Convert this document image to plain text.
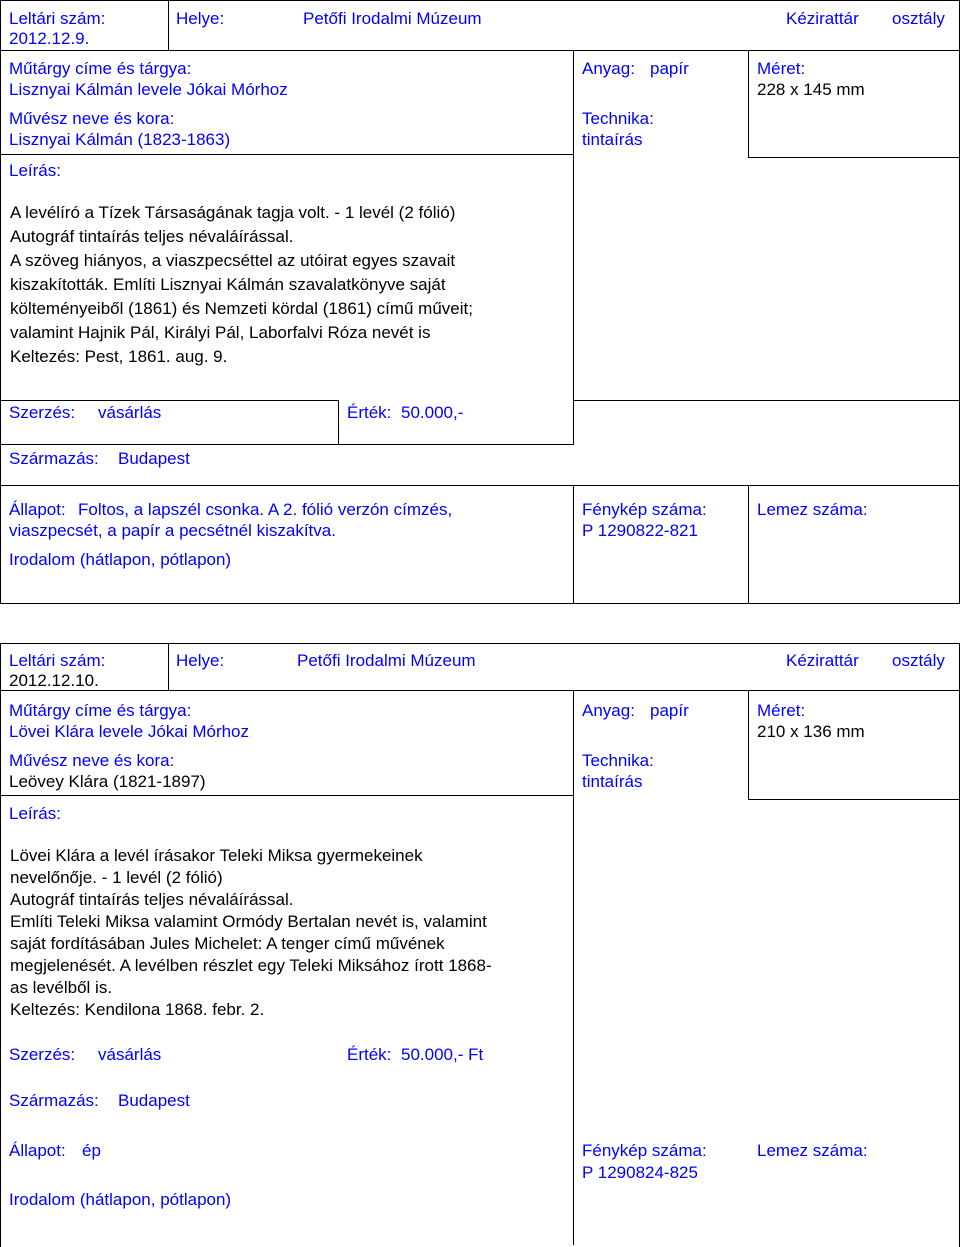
Leltári szám:
2012.12.9.
Helye:	Petőfi Irodalmi Múzeum	Kézirattár osztály
Műtárgy címe és tárgya:
Lisznyai Kálmán levele Jókai Mórhoz
Művész neve és kora:
Lisznyai Kálmán (1823-1863)
Anyag: papír
Technika:
tintaírás
Méret:
228 x 145 mm
Leírás:
A levélíró a Tízek Társaságának tagja volt. - 1 levél (2 fólió)
Autográf tintaírás teljes névaláírással.
A szöveg hiányos, a viaszpecséttel az utóirat egyes szavait
kiszakították. Említi Lisznyai Kálmán szavalatkönyve saját
költeményeiből (1861) és Nemzeti kördal (1861) című műveit;
valamint Hajnik Pál, Királyi Pál, Laborfalvi Róza nevét is
Keltezés: Pest, 1861. aug. 9.
Szerzés: vásárlás	Érték: 50.000,-
Származás: Budapest
Állapot: Foltos, a lapszél csonka. A 2. fólió verzón címzés,
viaszpecsét, a papír a pecsétnél kiszakítva.
Irodalom (hátlapon, pótlapon)
Fénykép száma:
P 1290822-821
Lemez száma:
Leltári szám:
2012.12.10.
Helye:	Petőfi Irodalmi Múzeum	Kézirattár osztály
Műtárgy címe és tárgya:
Lövei Klára levele Jókai Mórhoz
Művész neve és kora:
Leövey Klára (1821-1897)
Anyag: papír
Technika:
tintaírás
Méret:
210 x 136 mm
Leírás:
Lövei Klára a levél írásakor Teleki Miksa gyermekeinek
nevelőnője. - 1 levél (2 fólió)
Autográf tintaírás teljes névaláírással.
Említi Teleki Miksa valamint Ormódy Bertalan nevét is, valamint
saját fordításában Jules Michelet: A tenger című művének
megjelenését. A levélben részlet egy Teleki Miksához írott 1868-
as levélből is.
Keltezés: Kendilona 1868. febr. 2.
Szerzés: vásárlás	Érték: 50.000,- Ft
Származás: Budapest
Állapot: ép
Irodalom (hátlapon, pótlapon)
Fénykép száma:
P 1290824-825
Lemez száma:
